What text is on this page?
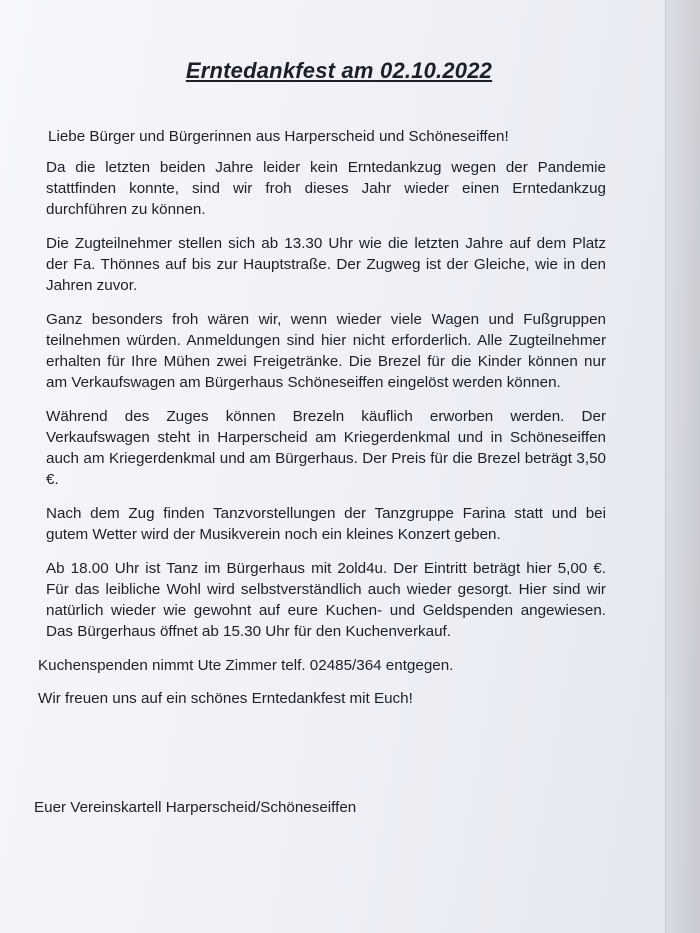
Erntedankfest am 02.10.2022
Liebe Bürger und Bürgerinnen aus Harperscheid und Schöneseiffen!
Da die letzten beiden Jahre leider kein Erntedankzug wegen der Pandemie stattfinden konnte, sind wir froh dieses Jahr wieder einen Erntedankzug durchführen zu können.
Die Zugteilnehmer stellen sich ab 13.30 Uhr wie die letzten Jahre auf dem Platz der Fa. Thönnes auf bis zur Hauptstraße. Der Zugweg ist der Gleiche, wie in den Jahren zuvor.
Ganz besonders froh wären wir, wenn wieder viele Wagen und Fußgruppen teilnehmen würden. Anmeldungen sind hier nicht erforderlich. Alle Zugteilnehmer erhalten für Ihre Mühen zwei Freigetränke. Die Brezel für die Kinder können nur am Verkaufswagen am Bürgerhaus Schöneseiffen eingelöst werden können.
Während des Zuges können Brezeln käuflich erworben werden. Der Verkaufswagen steht in Harperscheid am Kriegerdenkmal und in Schöneseiffen auch am Kriegerdenkmal und am Bürgerhaus. Der Preis für die Brezel beträgt 3,50 €.
Nach dem Zug finden Tanzvorstellungen der Tanzgruppe Farina statt und bei gutem Wetter wird der Musikverein noch ein kleines Konzert geben.
Ab 18.00 Uhr ist Tanz im Bürgerhaus mit 2old4u. Der Eintritt beträgt hier 5,00 €. Für das leibliche Wohl wird selbstverständlich auch wieder gesorgt. Hier sind wir natürlich wieder wie gewohnt auf eure Kuchen- und Geldspenden angewiesen. Das Bürgerhaus öffnet ab 15.30 Uhr für den Kuchenverkauf.
Kuchenspenden nimmt Ute Zimmer telf. 02485/364 entgegen.
Wir freuen uns auf ein schönes Erntedankfest mit Euch!
Euer Vereinskartell Harperscheid/Schöneseiffen
